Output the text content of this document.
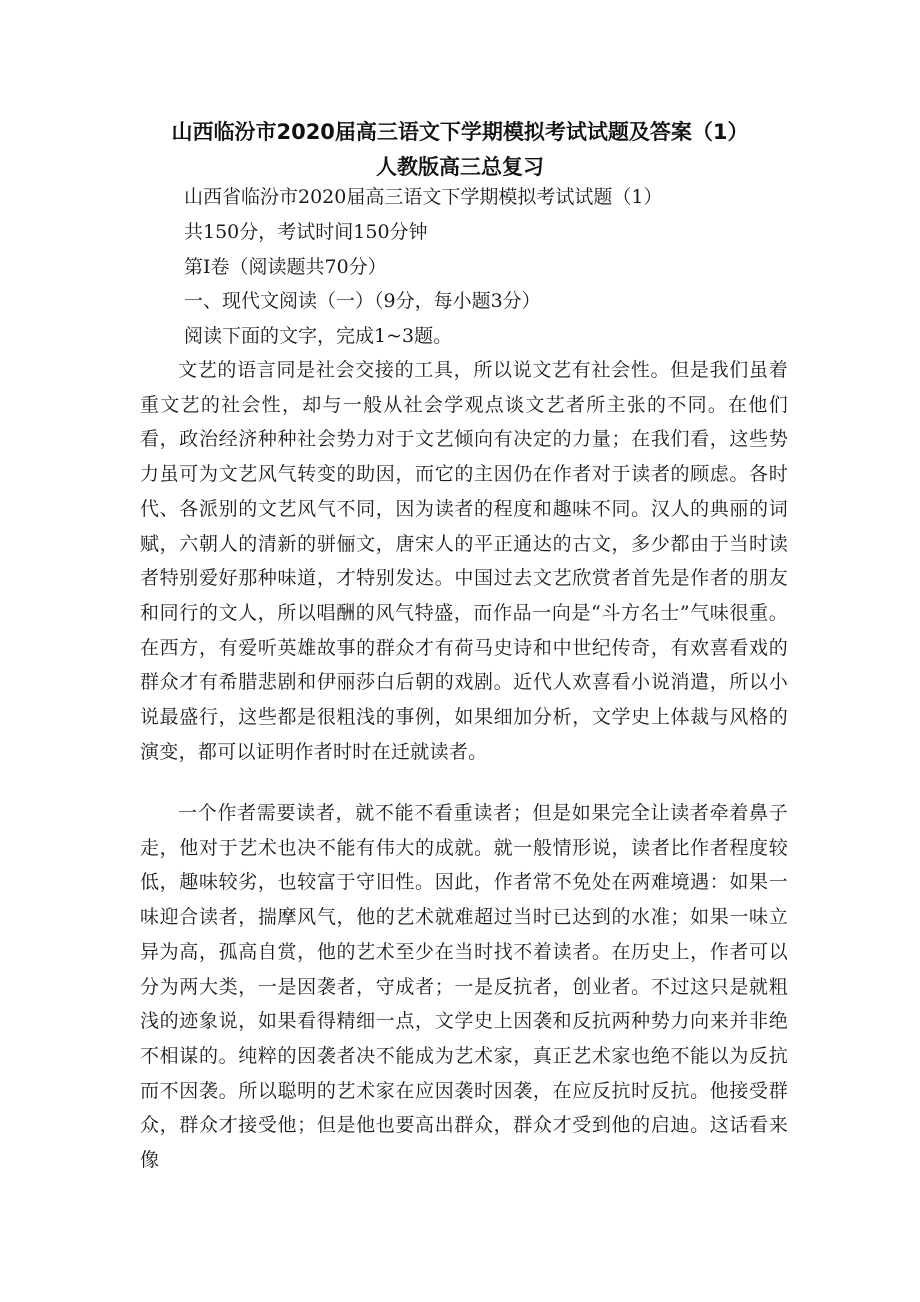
山西临汾市2020届高三语文下学期模拟考试试题及答案（1）
人教版高三总复习

山西省临汾市2020届高三语文下学期模拟考试试题（1）

共150分，考试时间150分钟

第Ⅰ卷（阅读题共70分）

一、现代文阅读（一）（9分，每小题3分）

阅读下面的文字，完成1~3题。

文艺的语言同是社会交接的工具，所以说文艺有社会性。但是我们虽着重文艺的社会性，却与一般从社会学观点谈文艺者所主张的不同。在他们看，政治经济种种社会势力对于文艺倾向有决定的力量；在我们看，这些势力虽可为文艺风气转变的助因，而它的主因仍在作者对于读者的顾虑。各时代、各派别的文艺风气不同，因为读者的程度和趣味不同。汉人的典丽的词赋，六朝人的清新的骈俪文，唐宋人的平正通达的古文，多少都由于当时读者特别爱好那种味道，才特别发达。中国过去文艺欣赏者首先是作者的朋友和同行的文人，所以唱酬的风气特盛，而作品一向是“斗方名士”气味很重。在西方，有爱听英雄故事的群众才有荷马史诗和中世纪传奇，有欢喜看戏的群众才有希腊悲剧和伊丽莎白后朝的戏剧。近代人欢喜看小说消遣，所以小说最盛行，这些都是很粗浅的事例，如果细加分析，文学史上体裁与风格的演变，都可以证明作者时时在迁就读者。

一个作者需要读者，就不能不看重读者；但是如果完全让读者牵着鼻子走，他对于艺术也决不能有伟大的成就。就一般情形说，读者比作者程度较低，趣味较劣，也较富于守旧性。因此，作者常不免处在两难境遇：如果一味迎合读者，揣摩风气，他的艺术就难超过当时已达到的水准；如果一味立异为高，孤高自赏，他的艺术至少在当时找不着读者。在历史上，作者可以分为两大类，一是因袭者，守成者；一是反抗者，创业者。不过这只是就粗浅的迹象说，如果看得精细一点，文学史上因袭和反抗两种势力向来并非绝不相谋的。纯粹的因袭者决不能成为艺术家，真正艺术家也绝不能以为反抗而不因袭。所以聪明的艺术家在应因袭时因袭，在应反抗时反抗。他接受群众，群众才接受他；但是他也要高出群众，群众才受到他的启迪。这话看来像
